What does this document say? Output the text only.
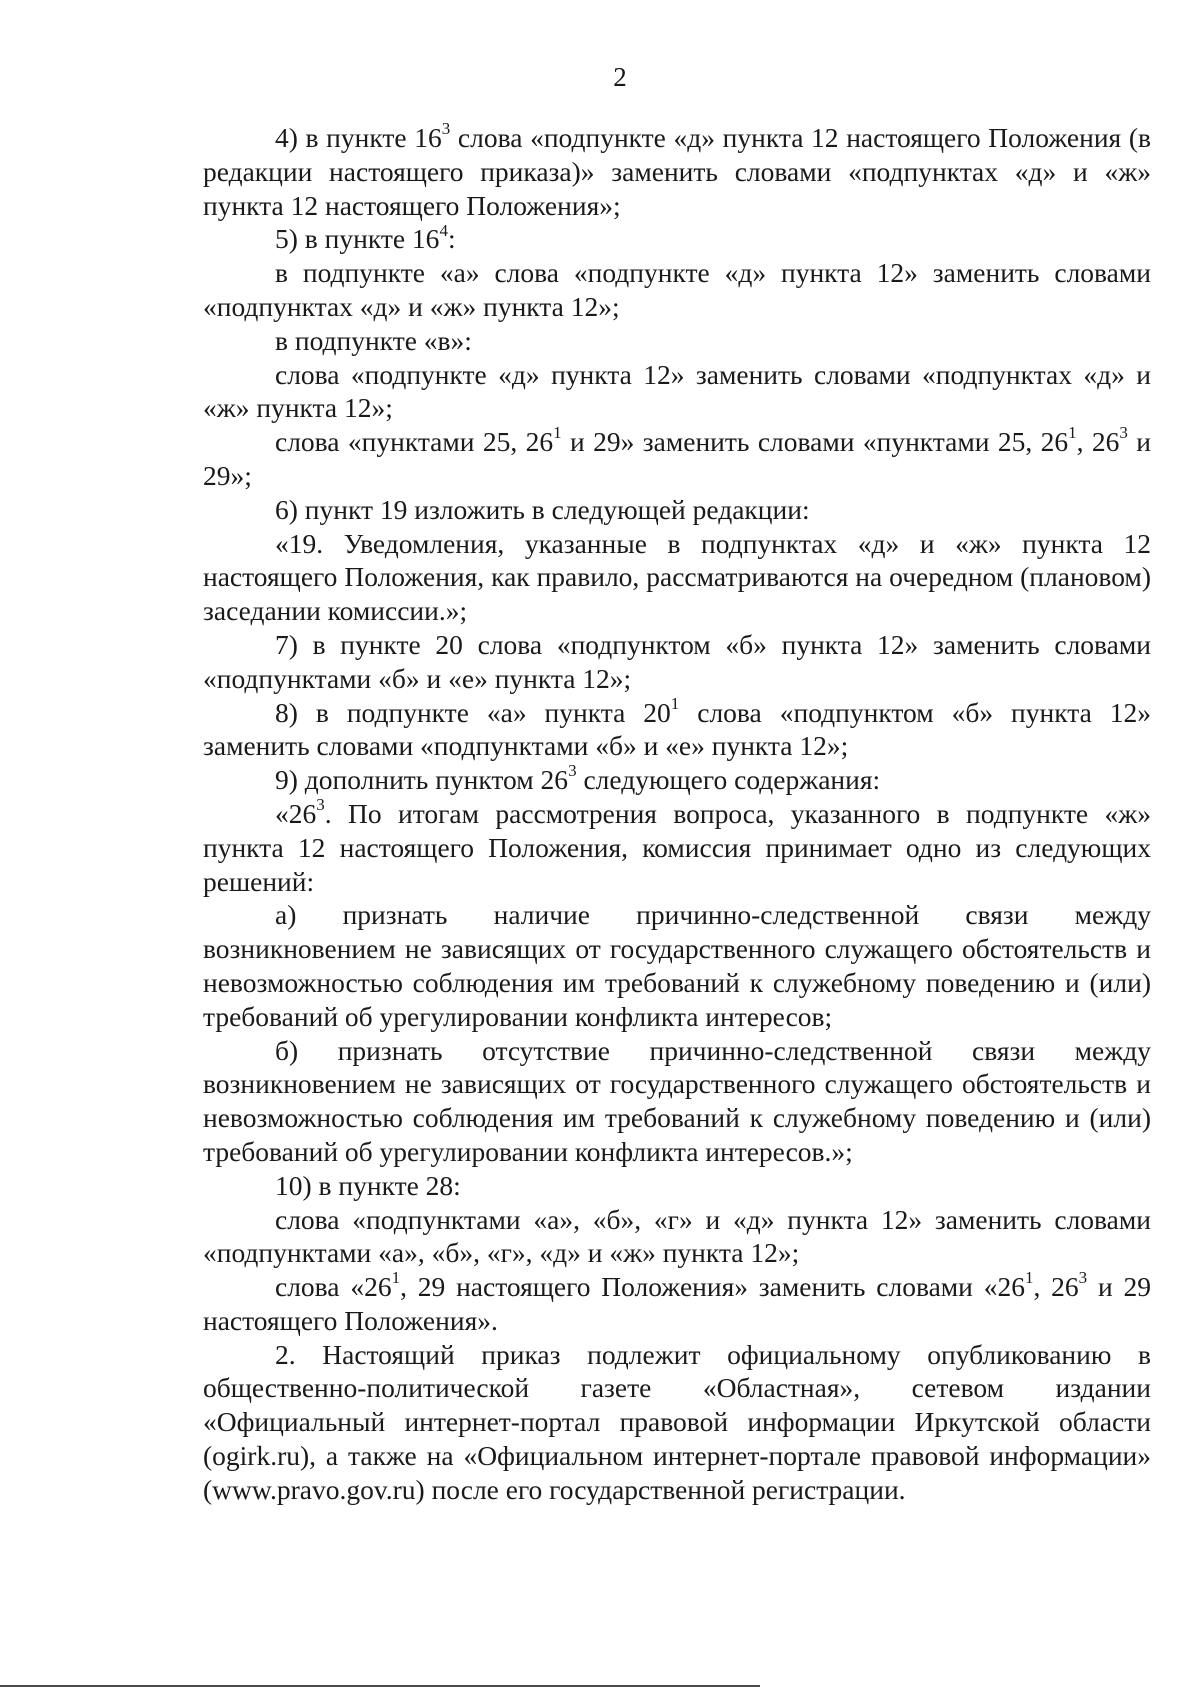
2

4) в пункте $16^3$ слова «подпункте «д» пункта 12 настоящего Положения (в редакции настоящего приказа)» заменить словами «подпунктах «д» и «ж» пункта 12 настоящего Положения»;

5) в пункте $16^4$:

в подпункте «а» слова «подпункте «д» пункта 12» заменить словами «подпунктах «д» и «ж» пункта 12»;

в подпункте «в»:

слова «подпункте «д» пункта 12» заменить словами «подпунктах «д» и «ж» пункта 12»;

слова «пунктами 25, $26^1$ и 29» заменить словами «пунктами 25, $26^1$, $26^3$ и 29»;

6) пункт 19 изложить в следующей редакции:

«19. Уведомления, указанные в подпунктах «д» и «ж» пункта 12 настоящего Положения, как правило, рассматриваются на очередном (плановом) заседании комиссии.»;

7) в пункте 20 слова «подпунктом «б» пункта 12» заменить словами «подпунктами «б» и «е» пункта 12»;

8) в подпункте «а» пункта $20^1$ слова «подпунктом «б» пункта 12» заменить словами «подпунктами «б» и «е» пункта 12»;

9) дополнить пунктом $26^3$ следующего содержания:

«$26^3$. По итогам рассмотрения вопроса, указанного в подпункте «ж» пункта 12 настоящего Положения, комиссия принимает одно из следующих решений:

а) признать наличие причинно-следственной связи между возникновением не зависящих от государственного служащего обстоятельств и невозможностью соблюдения им требований к служебному поведению и (или) требований об урегулировании конфликта интересов;

б) признать отсутствие причинно-следственной связи между возникновением не зависящих от государственного служащего обстоятельств и невозможностью соблюдения им требований к служебному поведению и (или) требований об урегулировании конфликта интересов.»;

10) в пункте 28:

слова «подпунктами «а», «б», «г» и «д» пункта 12» заменить словами «подпунктами «а», «б», «г», «д» и «ж» пункта 12»;

слова «$26^1$, 29 настоящего Положения» заменить словами «$26^1$, $26^3$ и 29 настоящего Положения».

2. Настоящий приказ подлежит официальному опубликованию в общественно-политической газете «Областная», сетевом издании «Официальный интернет-портал правовой информации Иркутской области (ogirk.ru), а также на «Официальном интернет-портале правовой информации» (www.pravo.gov.ru) после его государственной регистрации.
